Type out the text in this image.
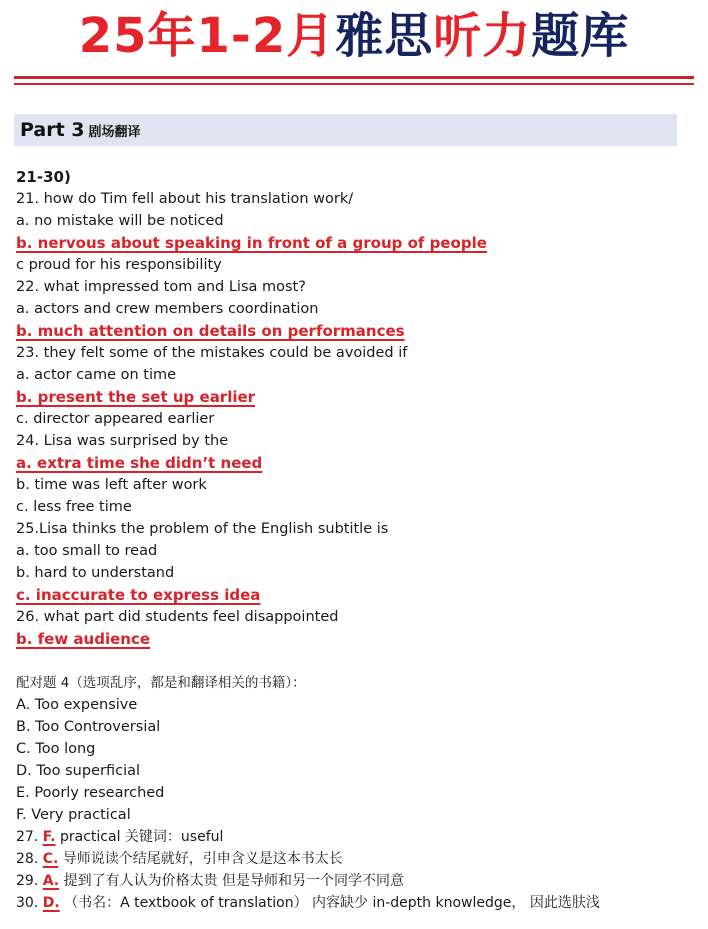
25年1-2月雅思听力题库
Part 3 剧场翻译
21-30)
21. how do Tim fell about his translation work/
a. no mistake will be noticed
b. nervous about speaking in front of a group of people
c proud for his responsibility
22. what impressed tom and Lisa most?
a. actors and crew members coordination
b. much attention on details on performances
23. they felt some of the mistakes could be avoided if
a. actor came on time
b. present the set up earlier
c. director appeared earlier
24. Lisa was surprised by the
a. extra time she didn’t need
b. time was left after work
c. less free time
25.Lisa thinks the problem of the English subtitle is
a. too small to read
b. hard to understand
c. inaccurate to express idea
26. what part did students feel disappointed
b. few audience
配对题 4（选项乱序，都是和翻译相关的书籍）：
A. Too expensive
B. Too Controversial
C. Too long
D. Too superficial
E. Poorly researched
F. Very practical
27. F. practical 关键词：useful
28. C. 导师说读个结尾就好，引申含义是这本书太长
29. A. 提到了有人认为价格太贵 但是导师和另一个同学不同意
30. D. （书名：A textbook of translation） 内容缺少 in-depth knowledge， 因此选肤浅
